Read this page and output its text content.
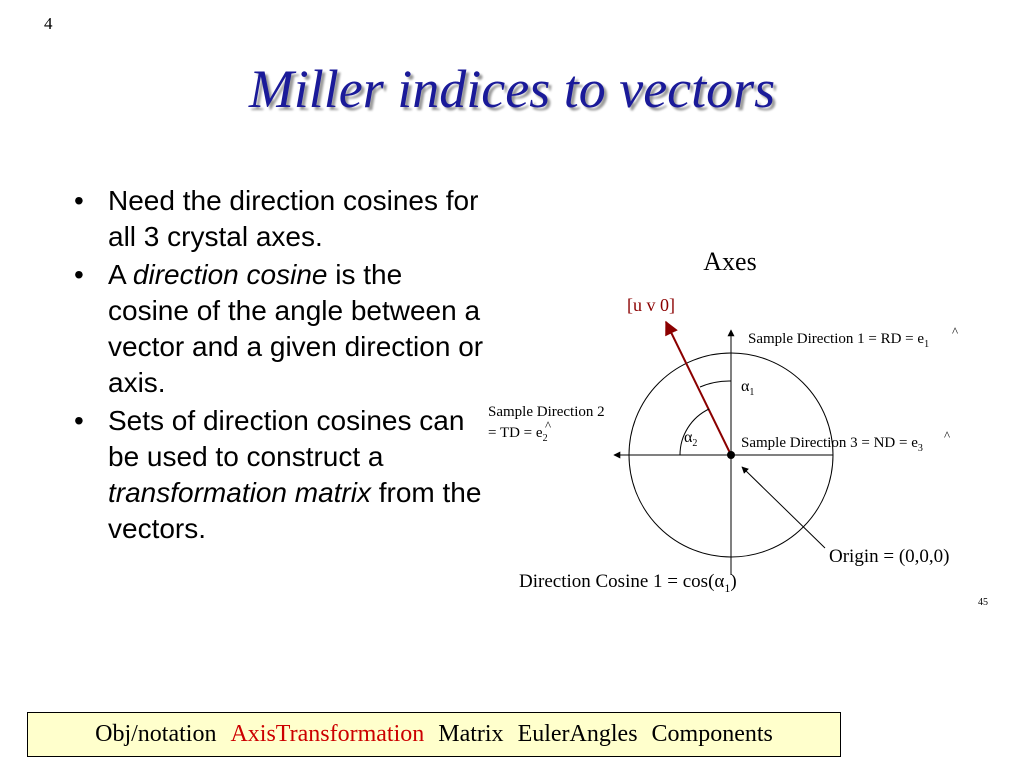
4
Miller indices to vectors
• Need the direction cosines for all 3 crystal axes.
• A direction cosine is the cosine of the angle between a vector and a given direction or axis.
• Sets of direction cosines can be used to construct a transformation matrix from the vectors.
Axes
[u v 0]
$\alpha_1$
$\alpha_2$
Sample Direction 1 = RD = $e_1$
^
Sample Direction 2
= TD = $e_2$
^
Sample Direction 3 = ND = $e_3$
^
Origin = (0,0,0)
Direction Cosine $1 = \cos(\alpha_1)$
45
Obj/notation AxisTransformation Matrix EulerAngles Components
